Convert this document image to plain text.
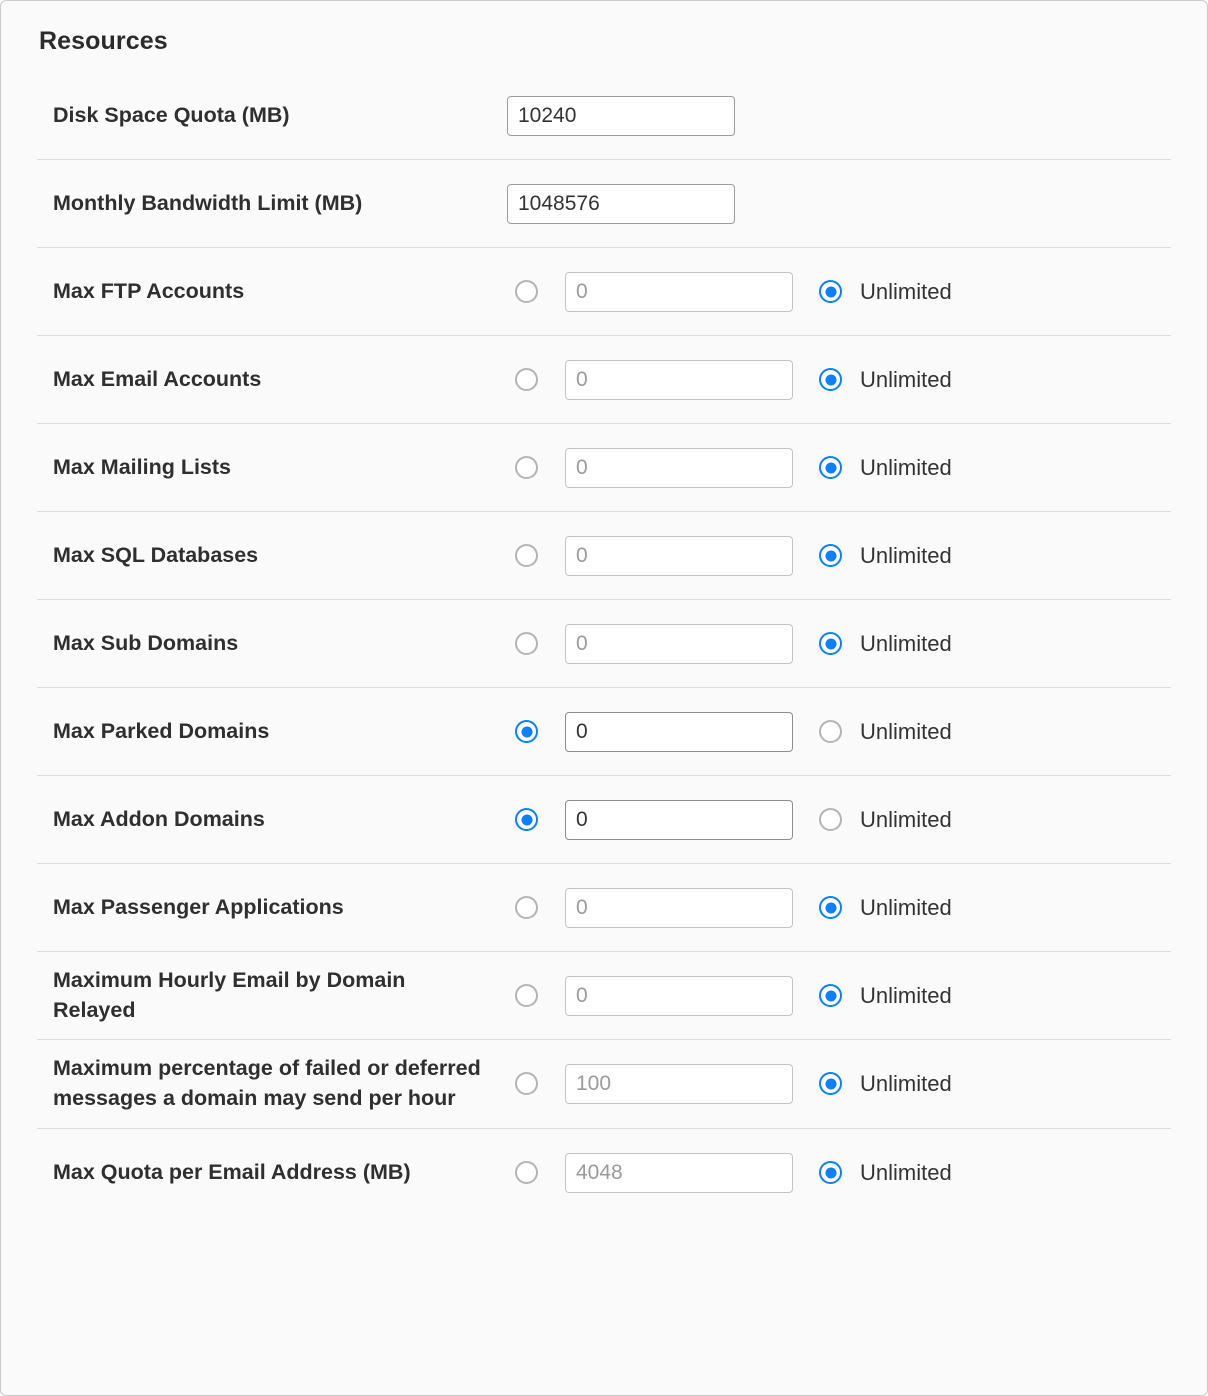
Resources
Disk Space Quota (MB)
10240
Monthly Bandwidth Limit (MB)
1048576
Max FTP Accounts
0	Unlimited
Max Email Accounts
0	Unlimited
Max Mailing Lists
0	Unlimited
Max SQL Databases
0	Unlimited
Max Sub Domains
0	Unlimited
Max Parked Domains
0	Unlimited
Max Addon Domains
0	Unlimited
Max Passenger Applications
0	Unlimited
Maximum Hourly Email by Domain Relayed
0
Unlimited
Maximum percentage of failed or deferred messages a domain may send per hour
100
Unlimited
Max Quota per Email Address (MB)
4048	Unlimited
